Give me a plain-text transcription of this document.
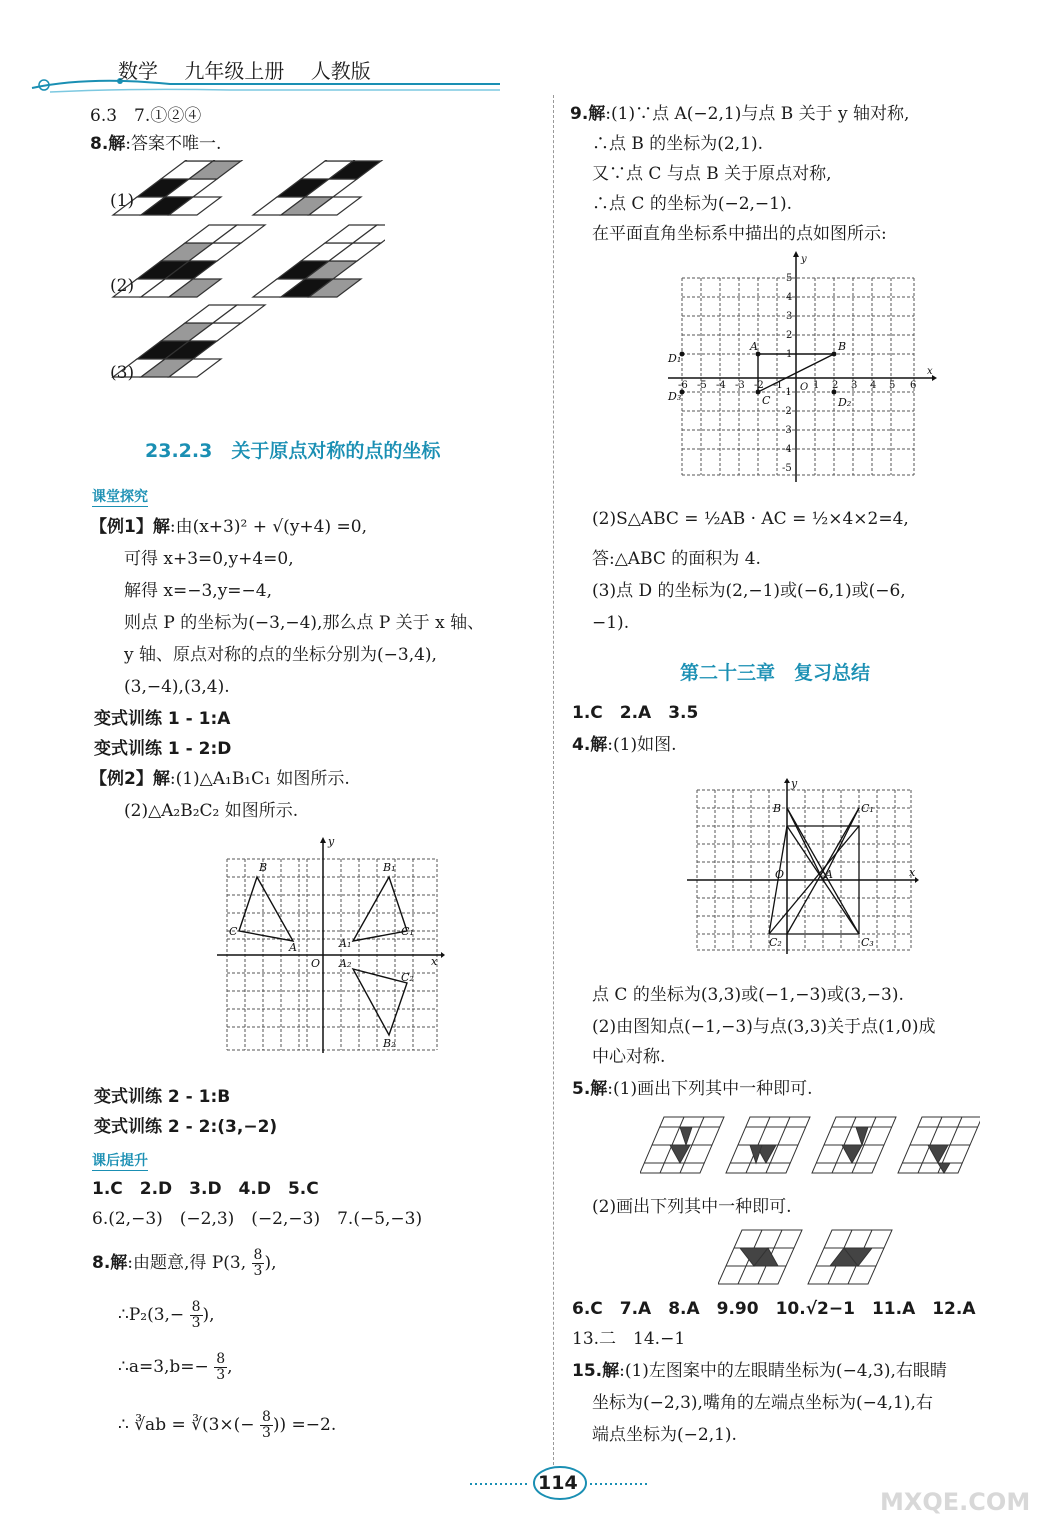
数学　 九年级上册　 人教版
6.3　7.①②④
8.解:答案不唯一.
(1)
(2)
(3)
23.2.3　关于原点对称的点的坐标
课堂探究
【例1】解:由(x+3)² + √(y+4) =0,
可得 x+3=0,y+4=0,
解得 x=−3,y=−4,
则点 P 的坐标为(−3,−4),那么点 P 关于 x 轴、
y 轴、原点对称的点的坐标分别为(−3,4),
(3,−4),(3,4).
变式训练 1 - 1:A
变式训练 1 - 2:D
【例2】解:(1)△A₁B₁C₁ 如图所示.
(2)△A₂B₂C₂ 如图所示.
y
x
O
B	B₁
C	C₁
A	A₁
A₂
C₂
B₂
变式训练 2 - 1:B
变式训练 2 - 2:(3,−2)
课后提升
1.C　2.D　3.D　4.D　5.C
6.(2,−3)　(−2,3)　(−2,−3)　7.(−5,−3)
8.解:由题意,得 P(3, $\frac{8}{3}$ ),
∴P₂(3,− $\frac{8}{3}$ ),
∴a=3,b=− $\frac{8}{3}$ ,
∴ ∛ab = ∛(3×(− $\frac{8}{3}$ )) =−2.
9.解:(1)∵点 A(−2,1)与点 B 关于 y 轴对称,
∴点 B 的坐标为(2,1).
又∵点 C 与点 B 关于原点对称,
∴点 C 的坐标为(−2,−1).
在平面直角坐标系中描出的点如图所示:
y
x
O
5
4
3
2
1
-1
-2
-3
-4
-5
-6 -5 -4 -3 -2 -1	1 2 3 4 5 6
A	B
C
D₁
D₂
D₃
(2)S△ABC = ½AB · AC = ½×4×2=4,
答:△ABC 的面积为 4.
(3)点 D 的坐标为(2,−1)或(−6,1)或(−6,
−1).
第二十三章　复习总结
1.C　2.A　3.5
4.解:(1)如图.
y
x
O
B	C₁
A
C₂	C₃
点 C 的坐标为(3,3)或(−1,−3)或(3,−3).
(2)由图知点(−1,−3)与点(3,3)关于点(1,0)成
中心对称.
5.解:(1)画出下列其中一种即可.
(2)画出下列其中一种即可.
6.C　7.A　8.A　9.90　10.√2−1　11.A　12.A
13.二　14.−1
15.解:(1)左图案中的左眼睛坐标为(−4,3),右眼睛
坐标为(−2,3),嘴角的左端点坐标为(−4,1),右
端点坐标为(−2,1).
114
MXQE.COM
